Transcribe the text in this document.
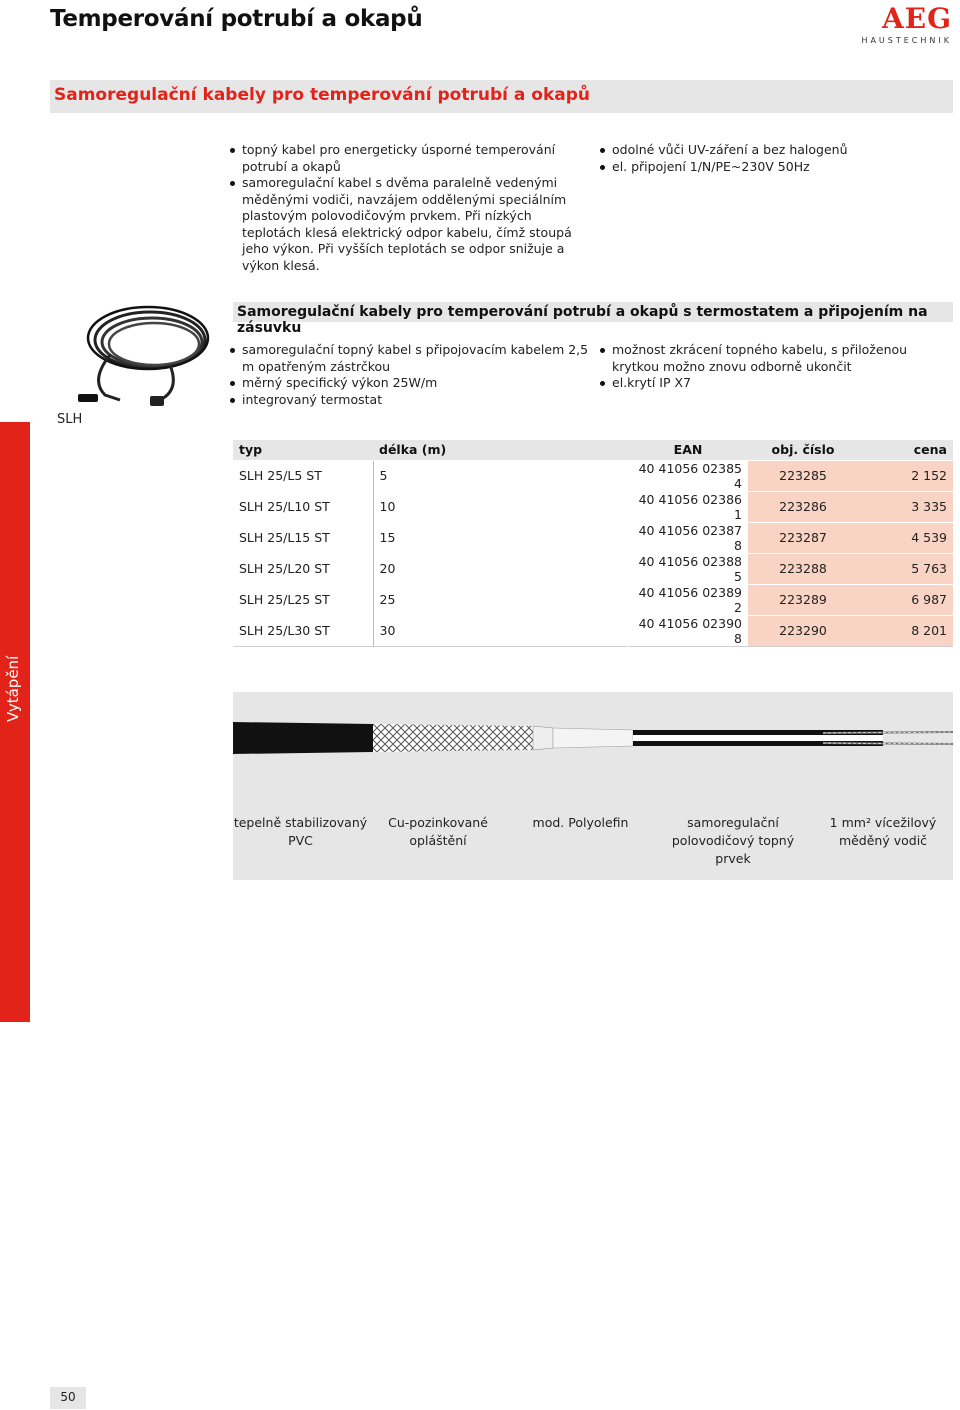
Temperování potrubí a okapů	AEG
HAUSTECHNIK
Samoregulační kabely pro temperování potrubí a okapů
topný kabel pro energeticky úsporné temperování potrubí a okapů
samoregulační kabel s dvěma paralelně vedenými měděnými vodiči, navzájem oddělenými speciálním plastovým polovodičovým prvkem. Při nízkých teplotách klesá elektrický odpor kabelu, čímž stoupá jeho výkon. Při vyšších teplotách se odpor snižuje a výkon klesá.
odolné vůči UV-záření a bez halogenů
el. připojení 1/N/PE~230V 50Hz
SLH
Vytápění
Samoregulační kabely pro temperování potrubí a okapů s termostatem a připojením na zásuvku
samoregulační topný kabel s připojovacím kabelem 2,5 m opatřeným zástrčkou
měrný specifický výkon 25W/m
integrovaný termostat
možnost zkrácení topného kabelu, s přiloženou krytkou možno znovu odborně ukončit
el.krytí IP X7
typ	délka (m)	EAN	obj. číslo	cena
SLH 25/L5 ST	5	40 41056 02385 4	223285	2 152
SLH 25/L10 ST	10	40 41056 02386 1	223286	3 335
SLH 25/L15 ST	15	40 41056 02387 8	223287	4 539
SLH 25/L20 ST	20	40 41056 02388 5	223288	5 763
SLH 25/L25 ST	25	40 41056 02389 2	223289	6 987
SLH 25/L30 ST	30	40 41056 02390 8	223290	8 201
tepelně stabilizovaný PVC
Cu-pozinkované opláštění
mod. Polyolefin	samoregulační polovodičový topný prvek
1 mm² vícežilový měděný vodič
50
